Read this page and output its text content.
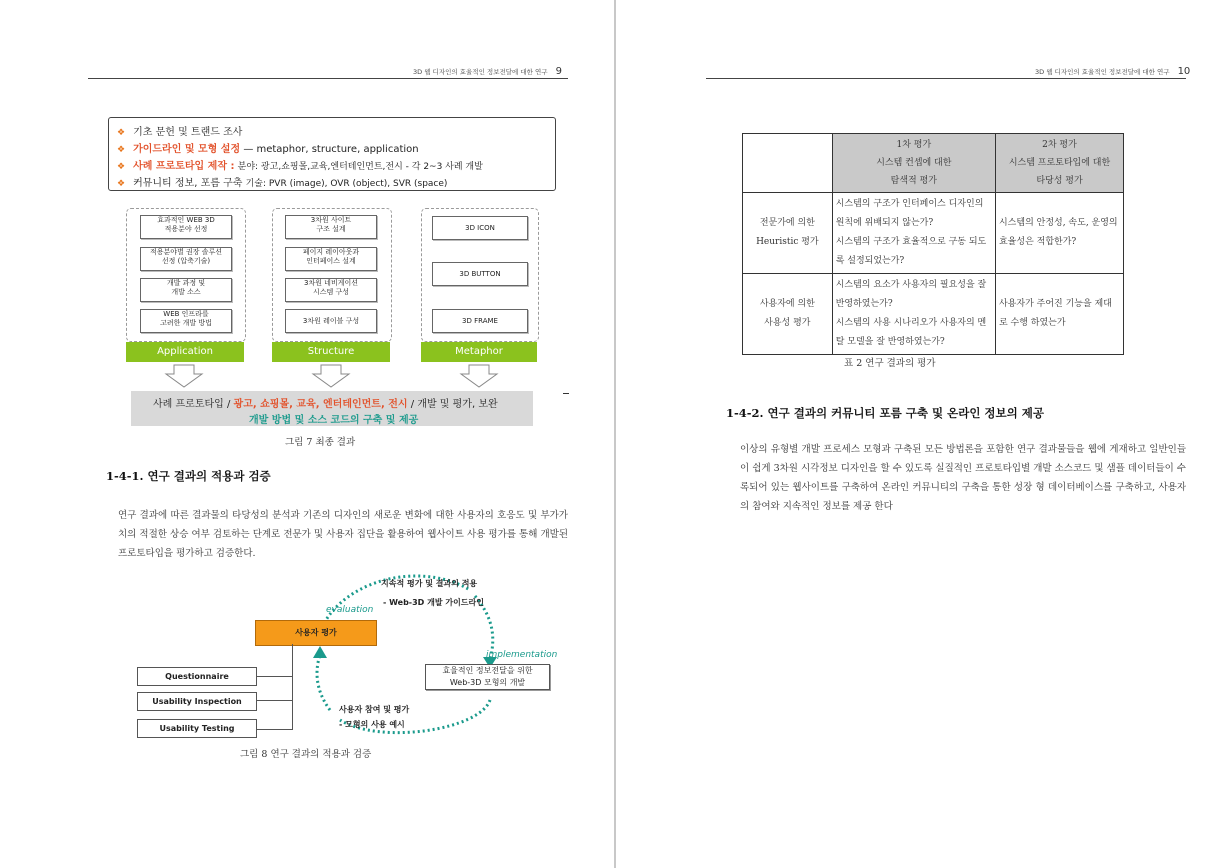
3D 웹 디자인의 효율적인 정보전달에 대한 연구 9
❖ 기초 문헌 및 트랜드 조사
❖ 가이드라인 및 모형 설정 — metaphor, structure, application
❖ 사례 프로토타입 제작 : 분야: 광고,쇼핑몰,교육,엔터테인먼트,전시 - 각 2~3 사례 개발
❖ 커뮤니티 정보, 포름 구축 기술: PVR (image), OVR (object), SVR (space)
효과적인 WEB 3D
적용분야 선정
적용분야별 권장 솔루션
선정 (압축기술)
개발 과정 및
개발 소스
WEB 인프라를
고려한 개발 방법
3차원 사이트
구조 설계
페이지 레이아웃과
인터페이스 설계
3차원 네비게이션
시스템 구성
3차원 레이블 구성
3D ICON
3D BUTTON
3D FRAME
Application	Structure	Metaphor
사례 프로토타입 / 광고, 쇼핑몰, 교육, 엔터테인먼트, 전시 / 개발 및 평가, 보완
개발 방법 및 소스 코드의 구축 및 제공
그림 7 최종 결과
1-4-1. 연구 결과의 적용과 검증
연구 결과에 따른 결과물의 타당성의 분석과 기존의 디자인의 새로운 변화에 대한 사용자의 호응도 및 부가가치의 적절한 상승 여부 검토하는 단계로 전문가 및 사용자 집단을 활용하여 웹사이트 사용 평가를 통해 개발된 프로토타입을 평가하고 검증한다.
지속적 평가 및 결과의 적용
- Web-3D 개발 가이드라인
evaluation
implementation
사용자 평가
효율적인 정보전달을 위한
Web-3D 모형의 개발
Questionnaire
Usability Inspection
Usability Testing
사용자 참여 및 평가
- 모형의 사용 예시
그림 8 연구 결과의 적용과 검증
3D 웹 디자인의 효율적인 정보전달에 대한 연구 10
	1차 평가
시스템 컨셉에 대한
탐색적 평가	2차 평가
시스템 프로토타입에 대한
타당성 평가
전문가에 의한
Heuristic 평가	시스템의 구조가 인터페이스 디자인의 원칙에 위배되지 않는가?
시스템의 구조가 효율적으로 구동 되도록 설정되었는가?	시스템의 안정성, 속도, 운영의 효율성은 적합한가?
사용자에 의한
사용성 평가	시스템의 요소가 사용자의 필요성을 잘 반영하였는가?
시스템의 사용 시나리오가 사용자의 멘탈 모델을 잘 반영하였는가?	사용자가 주어진 기능을 제대로 수행 하였는가
표 2 연구 결과의 평가
1-4-2. 연구 결과의 커뮤니티 포름 구축 및 온라인 정보의 제공
이상의 유형별 개발 프로세스 모형과 구축된 모든 방법론을 포함한 연구 결과물들을 웹에 게재하고 일반인들이 쉽게 3차원 시각정보 디자인을 할 수 있도록 실질적인 프로토타입별 개발 소스코드 및 샘플 데이터들이 수록되어 있는 웹사이트를 구축하여 온라인 커뮤니티의 구축을 통한 성장 형 데이터베이스를 구축하고, 사용자의 참여와 지속적인 정보를 제공 한다
